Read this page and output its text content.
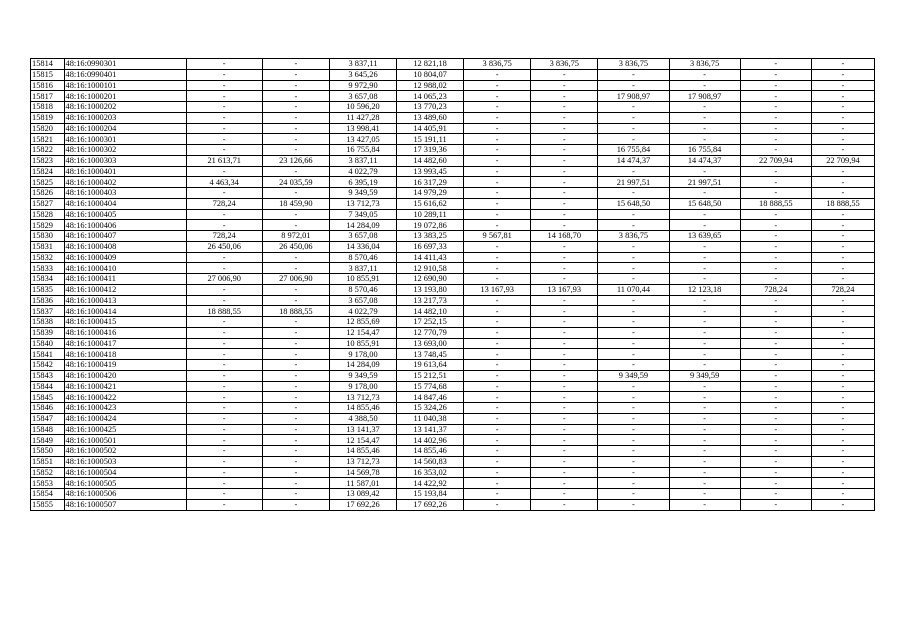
15814	48:16:0990301	-	-	3 837,11	12 821,18	3 836,75	3 836,75	3 836,75	3 836,75	-	-
15815	48:16:0990401	-	-	3 645,26	10 804,07	-	-	-	-	-	-
15816	48:16:1000101	-	-	9 972,90	12 988,02	-	-	-	-	-	-
15817	48:16:1000201	-	-	3 657,08	14 065,23	-	-	17 908,97	17 908,97	-	-
15818	48:16:1000202	-	-	10 596,20	13 770,23	-	-	-	-	-	-
15819	48:16:1000203	-	-	11 427,28	13 489,60	-	-	-	-	-	-
15820	48:16:1000204	-	-	13 998,41	14 405,91	-	-	-	-	-	-
15821	48:16:1000301	-	-	13 427,05	15 191,11	-	-	-	-	-	-
15822	48:16:1000302	-	-	16 755,84	17 319,36	-	-	16 755,84	16 755,84	-	-
15823	48:16:1000303	21 613,71	23 126,66	3 837,11	14 482,60	-	-	14 474,37	14 474,37	22 709,94	22 709,94
15824	48:16:1000401	-	-	4 022,79	13 993,45	-	-	-	-	-	-
15825	48:16:1000402	4 463,34	24 035,59	6 395,19	16 317,29	-	-	21 997,51	21 997,51	-	-
15826	48:16:1000403	-	-	9 349,59	14 979,29	-	-	-	-	-	-
15827	48:16:1000404	728,24	18 459,90	13 712,73	15 616,62	-	-	15 648,50	15 648,50	18 888,55	18 888,55
15828	48:16:1000405	-	-	7 349,05	10 289,11	-	-	-	-	-	-
15829	48:16:1000406	-	-	14 284,09	19 072,86	-	-	-	-	-	-
15830	48:16:1000407	728,24	8 972,01	3 657,08	13 383,25	9 567,81	14 168,70	3 836,75	13 639,65	-	-
15831	48:16:1000408	26 450,06	26 450,06	14 336,04	16 697,33	-	-	-	-	-	-
15832	48:16:1000409	-	-	8 570,46	14 411,43	-	-	-	-	-	-
15833	48:16:1000410	-	-	3 837,11	12 910,58	-	-	-	-	-	-
15834	48:16:1000411	27 006,90	27 006,90	10 855,91	12 690,90	-	-	-	-	-	-
15835	48:16:1000412	-	-	8 570,46	13 193,80	13 167,93	13 167,93	11 070,44	12 123,18	728,24	728,24
15836	48:16:1000413	-	-	3 657,08	13 217,73	-	-	-	-	-	-
15837	48:16:1000414	18 888,55	18 888,55	4 022,79	14 482,10	-	-	-	-	-	-
15838	48:16:1000415	-	-	12 855,69	17 252,15	-	-	-	-	-	-
15839	48:16:1000416	-	-	12 154,47	12 770,79	-	-	-	-	-	-
15840	48:16:1000417	-	-	10 855,91	13 693,00	-	-	-	-	-	-
15841	48:16:1000418	-	-	9 178,00	13 748,45	-	-	-	-	-	-
15842	48:16:1000419	-	-	14 284,09	19 613,64	-	-	-	-	-	-
15843	48:16:1000420	-	-	9 349,59	15 212,51	-	-	9 349,59	9 349,59	-	-
15844	48:16:1000421	-	-	9 178,00	15 774,68	-	-	-	-	-	-
15845	48:16:1000422	-	-	13 712,73	14 847,46	-	-	-	-	-	-
15846	48:16:1000423	-	-	14 855,46	15 324,26	-	-	-	-	-	-
15847	48:16:1000424	-	-	4 388,50	11 040,38	-	-	-	-	-	-
15848	48:16:1000425	-	-	13 141,37	13 141,37	-	-	-	-	-	-
15849	48:16:1000501	-	-	12 154,47	14 402,96	-	-	-	-	-	-
15850	48:16:1000502	-	-	14 855,46	14 855,46	-	-	-	-	-	-
15851	48:16:1000503	-	-	13 712,73	14 560,83	-	-	-	-	-	-
15852	48:16:1000504	-	-	14 569,78	16 353,02	-	-	-	-	-	-
15853	48:16:1000505	-	-	11 587,01	14 422,92	-	-	-	-	-	-
15854	48:16:1000506	-	-	13 089,42	15 193,84	-	-	-	-	-	-
15855	48:16:1000507	-	-	17 692,26	17 692,26	-	-	-	-	-	-
